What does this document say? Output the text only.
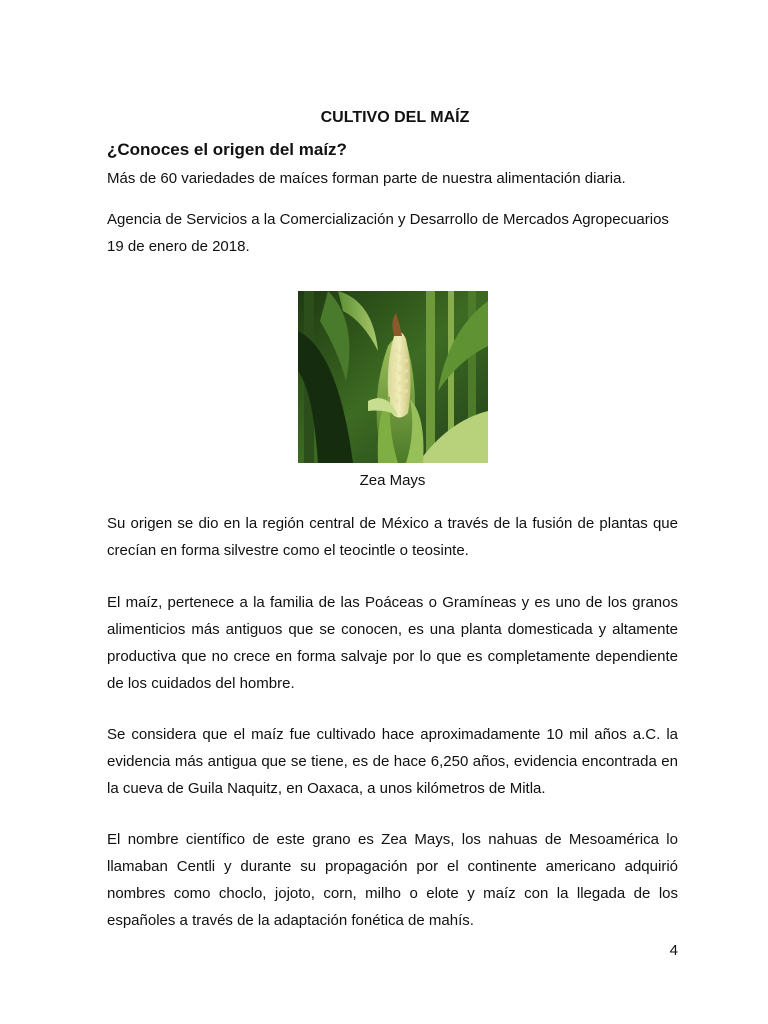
CULTIVO DEL MAÍZ
¿Conoces el origen del maíz?

Más de 60 variedades de maíces forman parte de nuestra alimentación diaria.

Agencia de Servicios a la Comercialización y Desarrollo de Mercados Agropecuarios

19 de enero de 2018.

Zea Mays

Su origen se dio en la región central de México a través de la fusión de plantas que crecían en forma silvestre como el teocintle o teosinte.

El maíz, pertenece a la familia de las Poáceas o Gramíneas y es uno de los granos alimenticios más antiguos que se conocen, es una planta domesticada y altamente productiva que no crece en forma salvaje por lo que es completamente dependiente de los cuidados del hombre.

Se considera que el maíz fue cultivado hace aproximadamente 10 mil años a.C. la evidencia más antigua que se tiene, es de hace 6,250 años, evidencia encontrada en la cueva de Guila Naquitz, en Oaxaca, a unos kilómetros de Mitla.

El nombre científico de este grano es Zea Mays, los nahuas de Mesoamérica lo llamaban Centli y durante su propagación por el continente americano adquirió nombres como choclo, jojoto, corn, milho o elote y maíz con la llegada de los españoles a través de la adaptación fonética de mahís.

4
